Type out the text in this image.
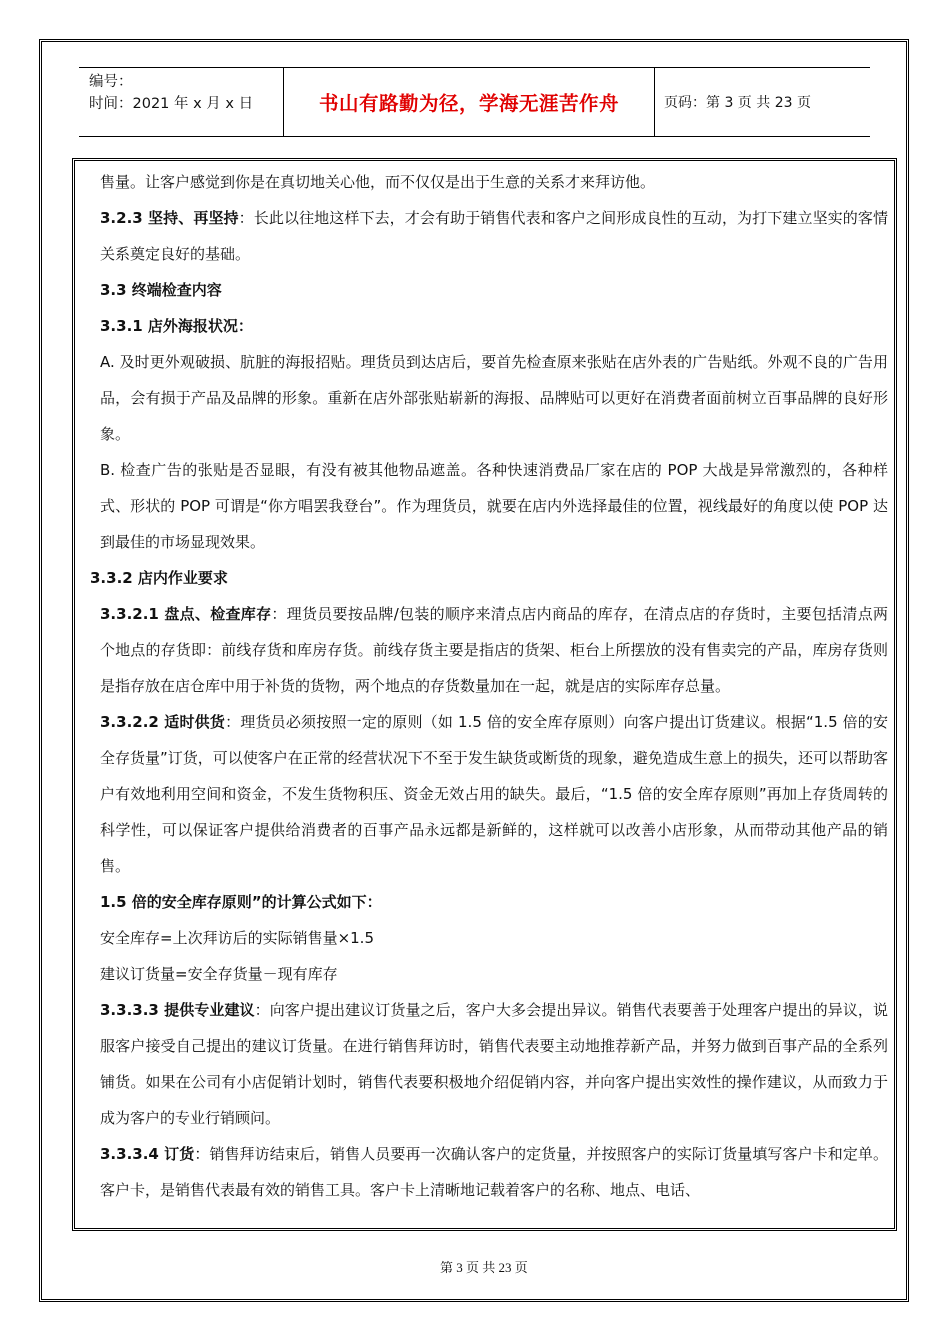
编号：
时间：2021 年 x 月 x 日	书山有路勤为径，学海无涯苦作舟	页码：第 3 页 共 23 页

售量。让客户感觉到你是在真切地关心他，而不仅仅是出于生意的关系才来拜访他。

3.2.3 坚持、再坚持：长此以往地这样下去，才会有助于销售代表和客户之间形成良性的互动，为打下建立坚实的客情关系奠定良好的基础。

3.3 终端检查内容

3.3.1 店外海报状况：

A. 及时更外观破损、肮脏的海报招贴。理货员到达店后，要首先检查原来张贴在店外表的广告贴纸。外观不良的广告用品，会有损于产品及品牌的形象。重新在店外部张贴崭新的海报、品牌贴可以更好在消费者面前树立百事品牌的良好形象。

B. 检查广告的张贴是否显眼，有没有被其他物品遮盖。各种快速消费品厂家在店的 POP 大战是异常激烈的，各种样式、形状的 POP 可谓是“你方唱罢我登台”。作为理货员，就要在店内外选择最佳的位置，视线最好的角度以使 POP 达到最佳的市场显现效果。

3.3.2 店内作业要求

3.3.2.1 盘点、检查库存：理货员要按品牌/包装的顺序来清点店内商品的库存，在清点店的存货时，主要包括清点两个地点的存货即：前线存货和库房存货。前线存货主要是指店的货架、柜台上所摆放的没有售卖完的产品，库房存货则是指存放在店仓库中用于补货的货物，两个地点的存货数量加在一起，就是店的实际库存总量。

3.3.2.2 适时供货：理货员必须按照一定的原则（如 1.5 倍的安全库存原则）向客户提出订货建议。根据“1.5 倍的安全存货量”订货，可以使客户在正常的经营状况下不至于发生缺货或断货的现象，避免造成生意上的损失，还可以帮助客户有效地利用空间和资金，不发生货物积压、资金无效占用的缺失。最后，“1.5 倍的安全库存原则”再加上存货周转的科学性，可以保证客户提供给消费者的百事产品永远都是新鲜的，这样就可以改善小店形象，从而带动其他产品的销售。

1.5 倍的安全库存原则”的计算公式如下：

安全库存=上次拜访后的实际销售量×1.5

建议订货量=安全存货量－现有库存

3.3.3.3 提供专业建议：向客户提出建议订货量之后，客户大多会提出异议。销售代表要善于处理客户提出的异议，说服客户接受自己提出的建议订货量。在进行销售拜访时，销售代表要主动地推荐新产品，并努力做到百事产品的全系列铺货。如果在公司有小店促销计划时，销售代表要积极地介绍促销内容，并向客户提出实效性的操作建议，从而致力于成为客户的专业行销顾问。

3.3.3.4 订货：销售拜访结束后，销售人员要再一次确认客户的定货量，并按照客户的实际订货量填写客户卡和定单。客户卡，是销售代表最有效的销售工具。客户卡上清晰地记载着客户的名称、地点、电话、

第 3 页 共 23 页
